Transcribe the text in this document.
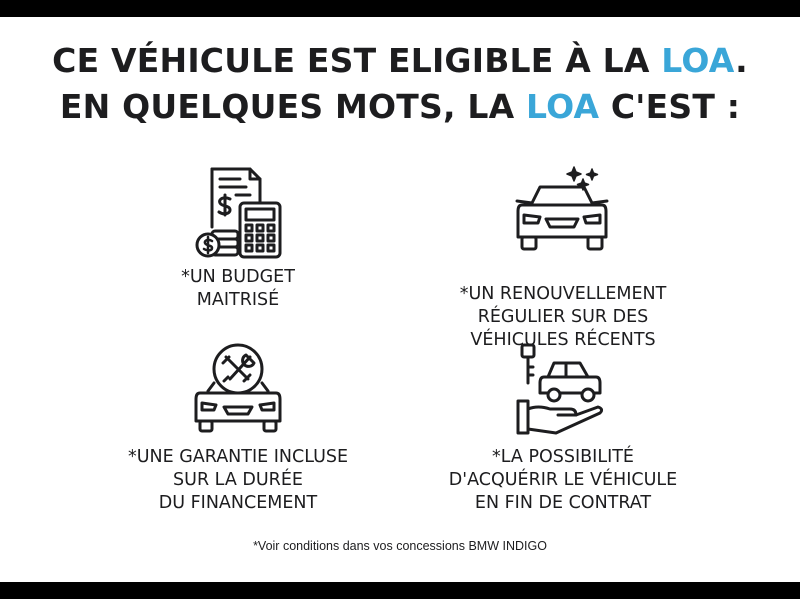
CE VÉHICULE EST ELIGIBLE À LA LOA.
EN QUELQUES MOTS, LA LOA C'EST :
*UN BUDGET
MAITRISÉ	*UN RENOUVELLEMENT
RÉGULIER SUR DES
VÉHICULES RÉCENTS
*UNE GARANTIE INCLUSE
SUR LA DURÉE
DU FINANCEMENT
*LA POSSIBILITÉ
D'ACQUÉRIR LE VÉHICULE
EN FIN DE CONTRAT
*Voir conditions dans vos concessions BMW INDIGO
